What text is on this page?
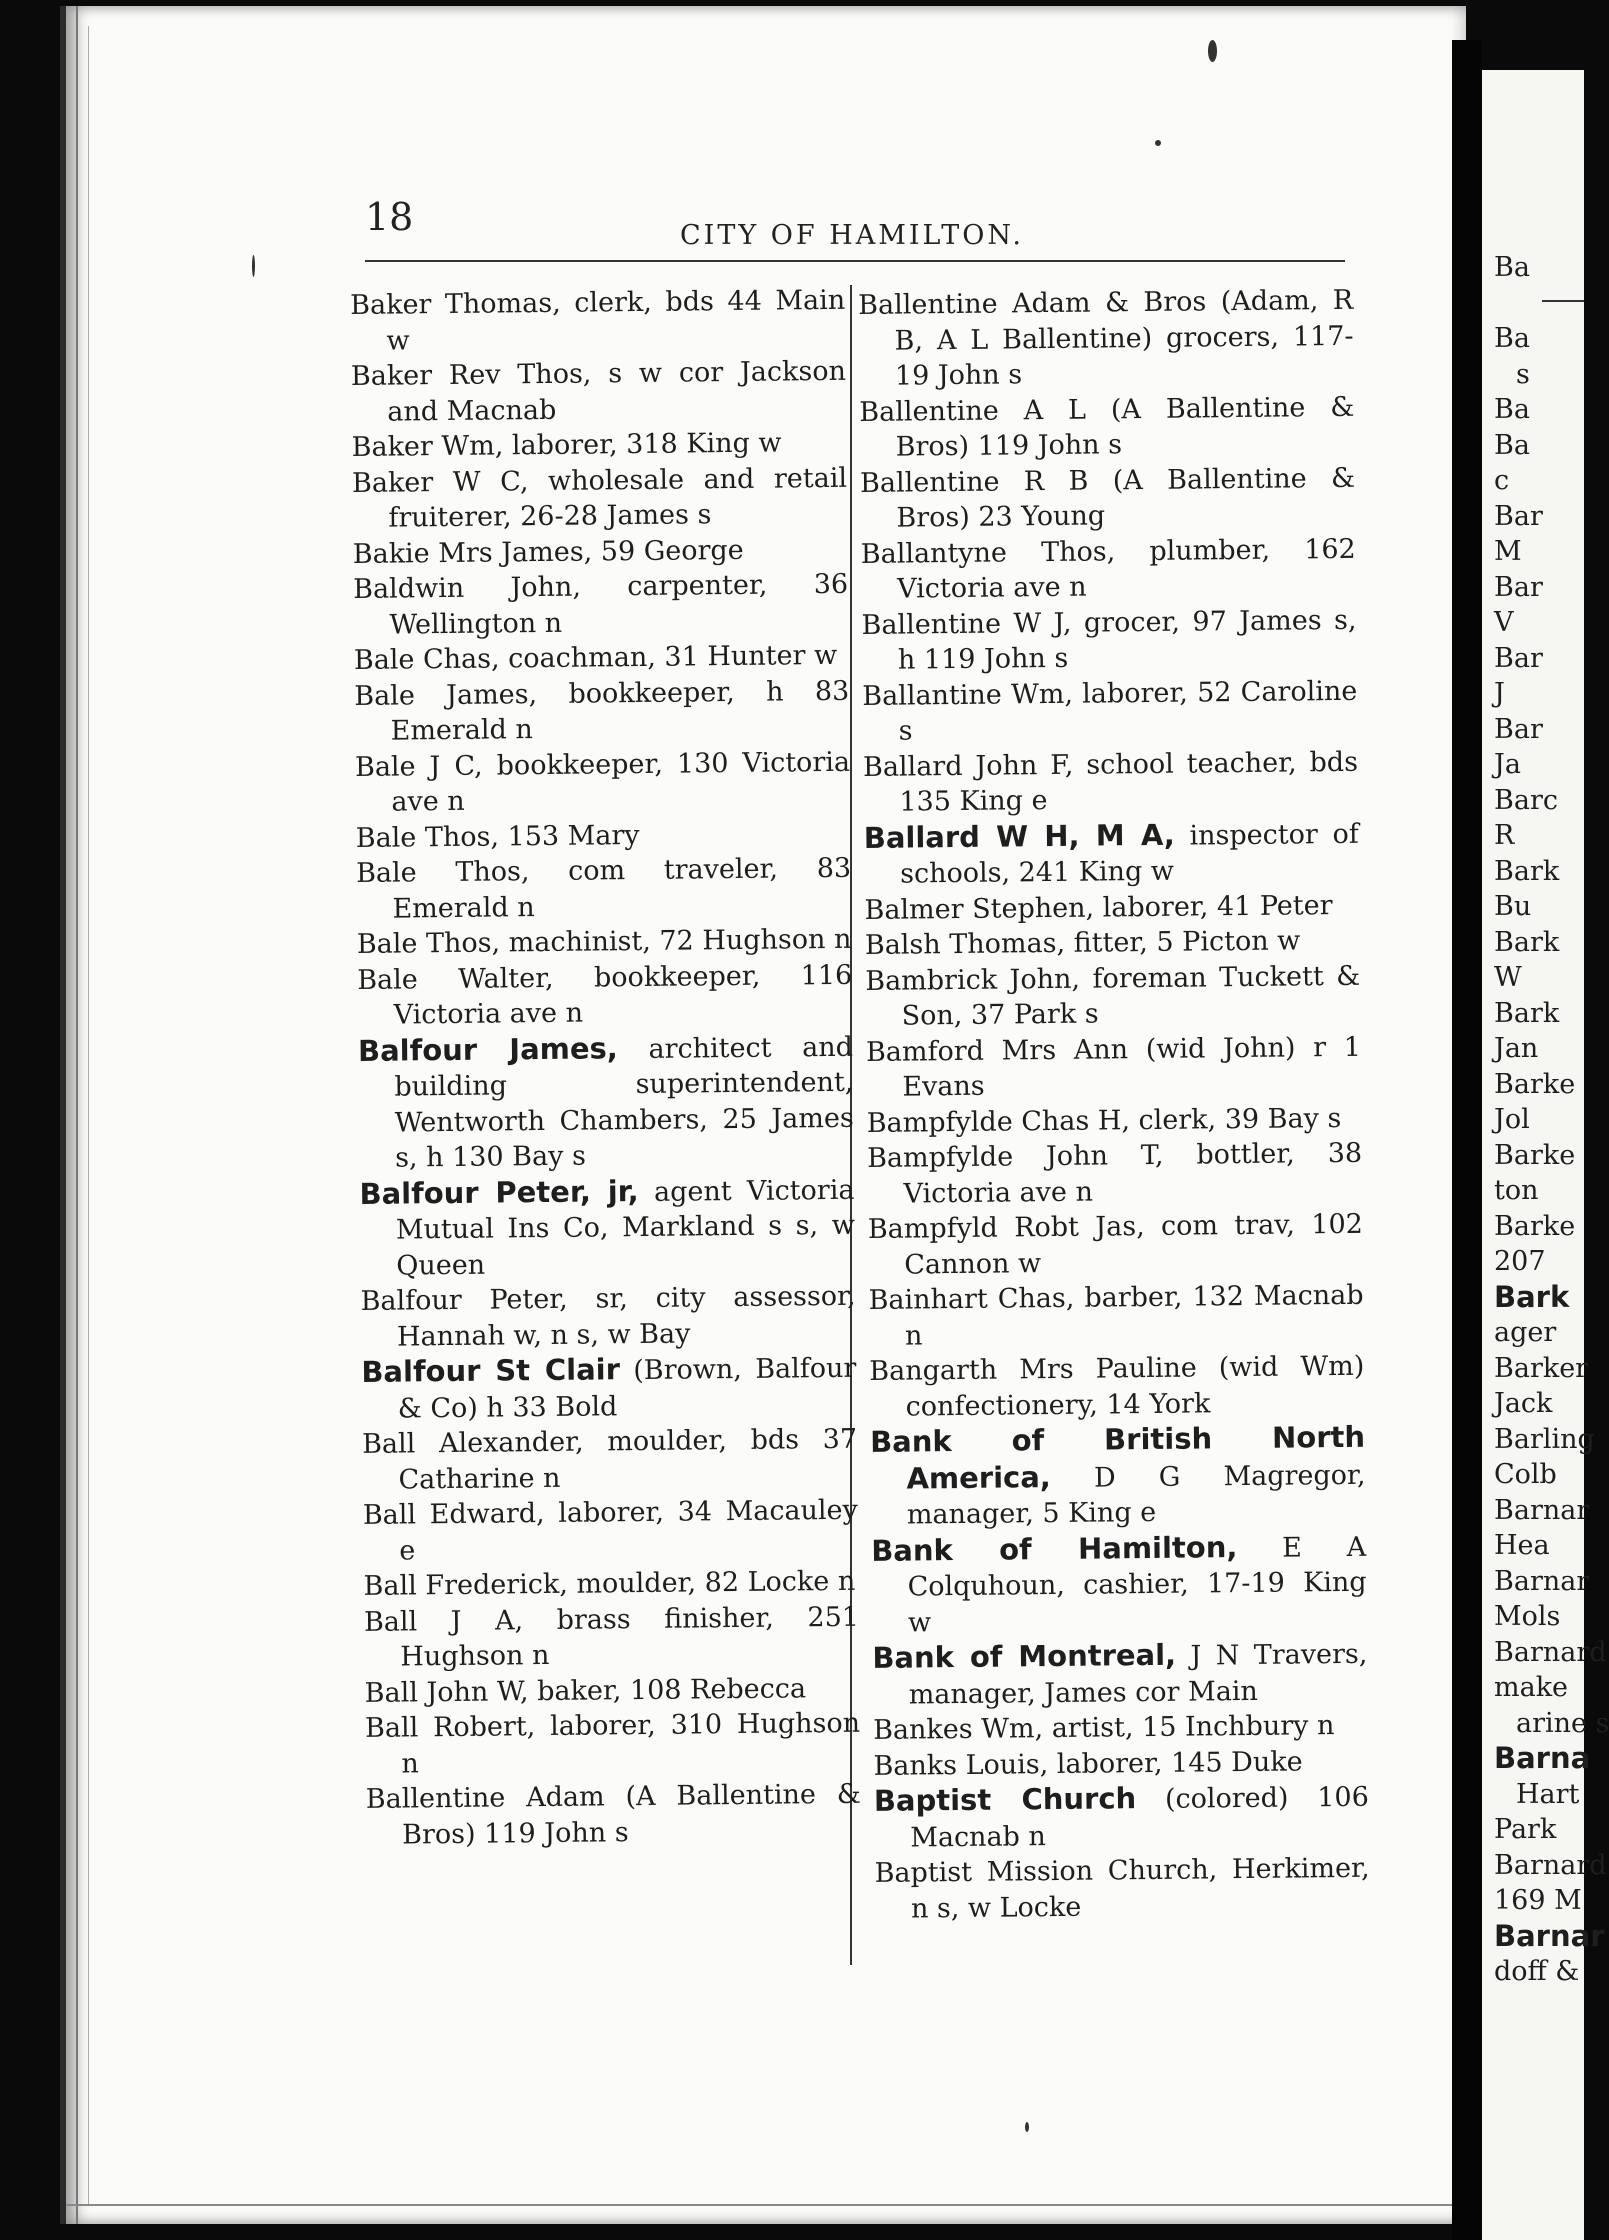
18	CITY OF HAMILTON.

Baker Thomas, clerk, bds 44 Main w

Baker Rev Thos, s w cor Jackson and Macnab

Baker Wm, laborer, 318 King w

Baker W C, wholesale and retail fruiterer, 26-28 James s

Bakie Mrs James, 59 George

Baldwin John, carpenter, 36 Wellington n

Bale Chas, coachman, 31 Hunter w

Bale James, bookkeeper, h 83 Emerald n

Bale J C, bookkeeper, 130 Victoria ave n

Bale Thos, 153 Mary

Bale Thos, com traveler, 83 Emerald n

Bale Thos, machinist, 72 Hughson n

Bale Walter, bookkeeper, 116 Victoria ave n

Balfour James, architect and building superintendent, Wentworth Chambers, 25 James s, h 130 Bay s

Balfour Peter, jr, agent Victoria Mutual Ins Co, Markland s s, w Queen

Balfour Peter, sr, city assessor, Hannah w, n s, w Bay

Balfour St Clair (Brown, Balfour & Co) h 33 Bold

Ball Alexander, moulder, bds 37 Catharine n

Ball Edward, laborer, 34 Macauley e

Ball Frederick, moulder, 82 Locke n

Ball J A, brass finisher, 251 Hughson n

Ball John W, baker, 108 Rebecca

Ball Robert, laborer, 310 Hughson n

Ballentine Adam (A Ballentine & Bros) 119 John s

Ballentine Adam & Bros (Adam, R B, A L Ballentine) grocers, 117-19 John s

Ballentine A L (A Ballentine & Bros) 119 John s

Ballentine R B (A Ballentine & Bros) 23 Young

Ballantyne Thos, plumber, 162 Victoria ave n

Ballentine W J, grocer, 97 James s, h 119 John s

Ballantine Wm, laborer, 52 Caroline s

Ballard John F, school teacher, bds 135 King e

Ballard W H, M A, inspector of schools, 241 King w

Balmer Stephen, laborer, 41 Peter

Balsh Thomas, fitter, 5 Picton w

Bambrick John, foreman Tuckett & Son, 37 Park s

Bamford Mrs Ann (wid John) r 1 Evans

Bampfylde Chas H, clerk, 39 Bay s

Bampfylde John T, bottler, 38 Victoria ave n

Bampfyld Robt Jas, com trav, 102 Cannon w

Bainhart Chas, barber, 132 Macnab n

Bangarth Mrs Pauline (wid Wm) confectionery, 14 York

Bank of British North America, D G Magregor, manager, 5 King e

Bank of Hamilton, E A Colquhoun, cashier, 17-19 King w

Bank of Montreal, J N Travers, manager, James cor Main

Bankes Wm, artist, 15 Inchbury n

Banks Louis, laborer, 145 Duke

Baptist Church (colored) 106 Macnab n

Baptist Mission Church, Herkimer, n s, w Locke

Ba
Ba
s
Ba
Ba
c
Bar
M
Bar
V
Bar
J
Bar
Ja
Barc
R
Bark
Bu
Bark
W
Bark
Jan
Barke
Jol
Barke
ton
Barke
207
Bark
ager
Barker
Jack
Barling
Colb
Barnar
Hea
Barnar
Mols
Barnard
make
arine s
Barna
Hart
Park
Barnard
169 M
Barnar
doff &
